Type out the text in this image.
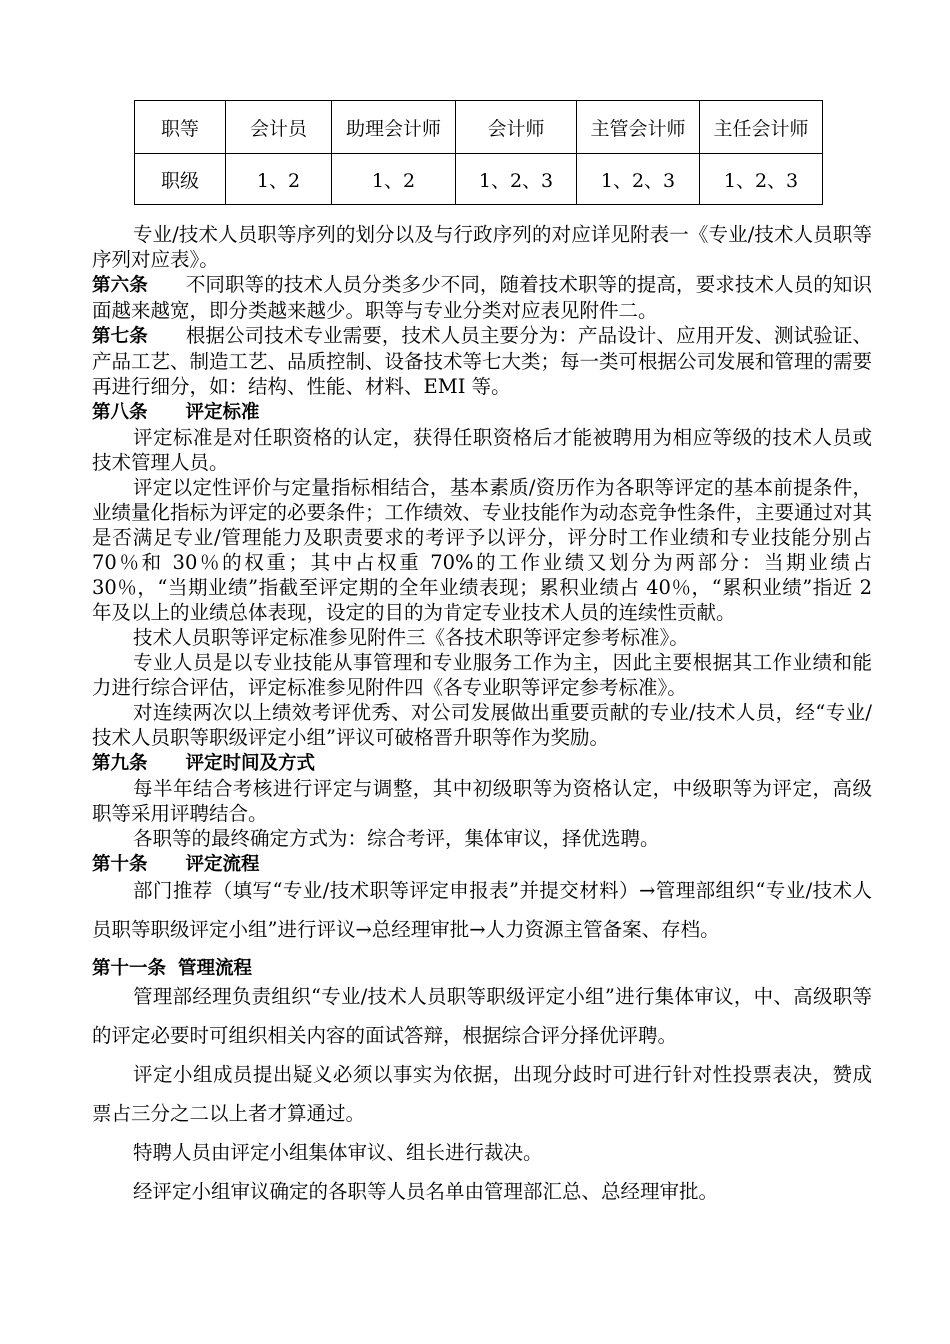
职等	会计员	助理会计师	会计师	主管会计师	主任会计师
职级	1、2	1、2	1、2、3	1、2、3	1、2、3

专业/技术人员职等序列的划分以及与行政序列的对应详见附表一《专业/技术人员职等序列对应表》。

第六条 不同职等的技术人员分类多少不同，随着技术职等的提高，要求技术人员的知识面越来越宽，即分类越来越少。职等与专业分类对应表见附件二。

第七条 根据公司技术专业需要，技术人员主要分为：产品设计、应用开发、测试验证、产品工艺、制造工艺、品质控制、设备技术等七大类；每一类可根据公司发展和管理的需要再进行细分，如：结构、性能、材料、EMI 等。

第八条 评定标准

评定标准是对任职资格的认定，获得任职资格后才能被聘用为相应等级的技术人员或技术管理人员。

评定以定性评价与定量指标相结合，基本素质/资历作为各职等评定的基本前提条件，业绩量化指标为评定的必要条件；工作绩效、专业技能作为动态竞争性条件，主要通过对其是否满足专业/管理能力及职责要求的考评予以评分，评分时工作业绩和专业技能分别占 70％和 30％的权重；其中占权重 70%的工作业绩又划分为两部分：当期业绩占 30％，“当期业绩”指截至评定期的全年业绩表现；累积业绩占 40％，“累积业绩”指近 2 年及以上的业绩总体表现，设定的目的为肯定专业技术人员的连续性贡献。

技术人员职等评定标准参见附件三《各技术职等评定参考标准》。

专业人员是以专业技能从事管理和专业服务工作为主，因此主要根据其工作业绩和能力进行综合评估，评定标准参见附件四《各专业职等评定参考标准》。

对连续两次以上绩效考评优秀、对公司发展做出重要贡献的专业/技术人员，经“专业/技术人员职等职级评定小组”评议可破格晋升职等作为奖励。

第九条 评定时间及方式

每半年结合考核进行评定与调整，其中初级职等为资格认定，中级职等为评定，高级职等采用评聘结合。

各职等的最终确定方式为：综合考评，集体审议，择优选聘。

第十条 评定流程

部门推荐（填写“专业/技术职等评定申报表”并提交材料）→管理部组织“专业/技术人员职等职级评定小组”进行评议→总经理审批→人力资源主管备案、存档。

第十一条 管理流程

管理部经理负责组织“专业/技术人员职等职级评定小组”进行集体审议，中、高级职等的评定必要时可组织相关内容的面试答辩，根据综合评分择优评聘。

评定小组成员提出疑义必须以事实为依据，出现分歧时可进行针对性投票表决，赞成票占三分之二以上者才算通过。

特聘人员由评定小组集体审议、组长进行裁决。

经评定小组审议确定的各职等人员名单由管理部汇总、总经理审批。
